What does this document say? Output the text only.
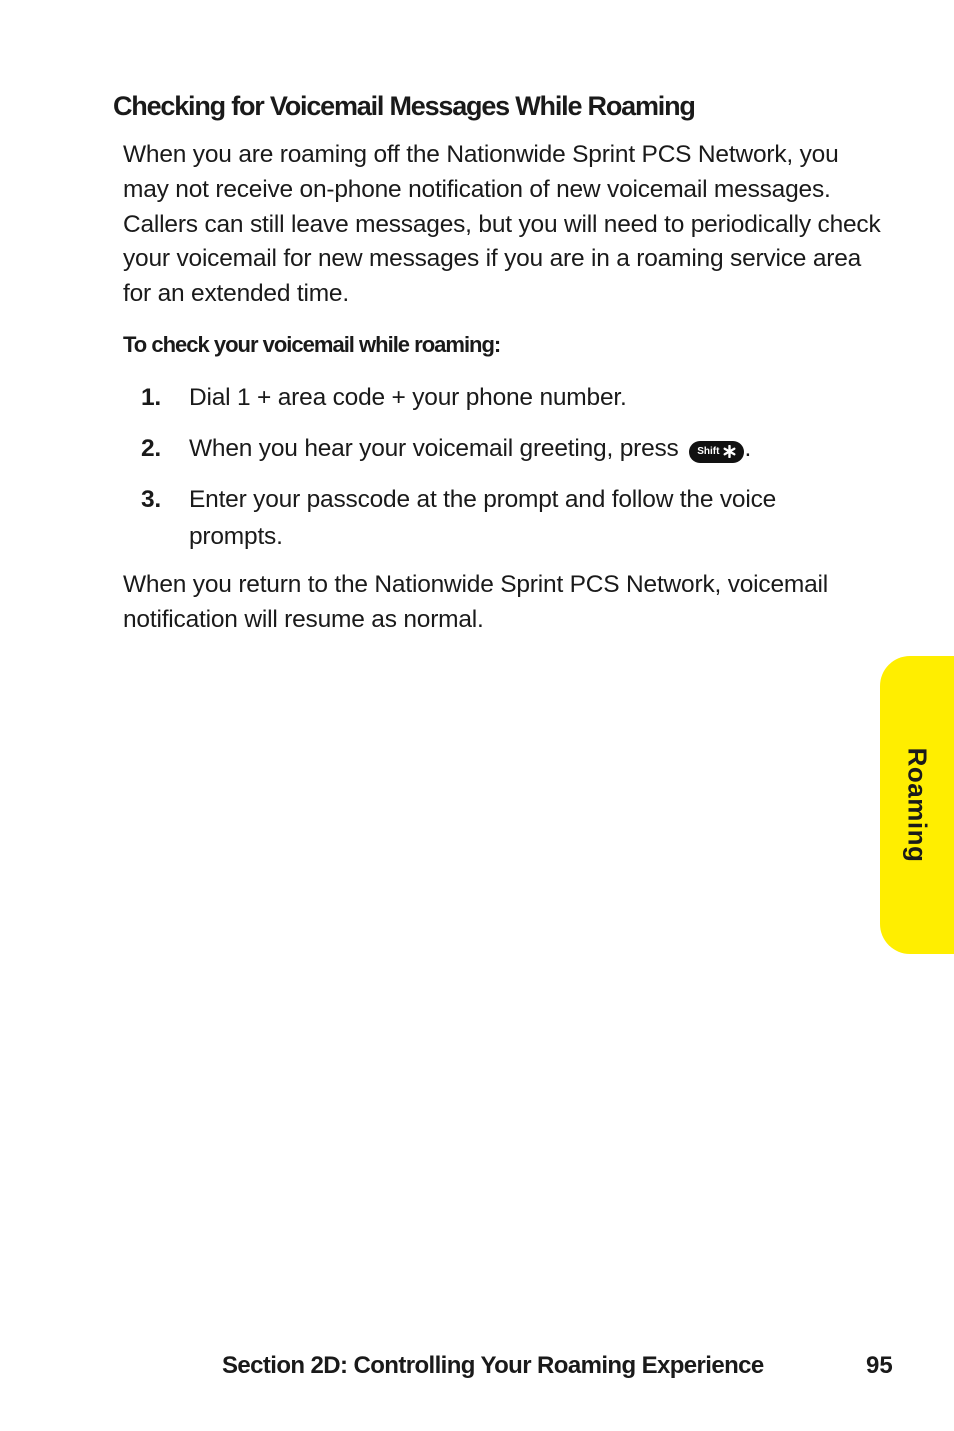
Checking for Voicemail Messages While Roaming
When you are roaming off the Nationwide Sprint PCS Network, you may not receive on-phone notification of new voicemail messages. Callers can still leave messages, but you will need to periodically check your voicemail for new messages if you are in a roaming service area for an extended time.
To check your voicemail while roaming:
1. Dial 1 + area code + your phone number.
2. When you hear your voicemail greeting, press Shift .
3. Enter your passcode at the prompt and follow the voice prompts.
When you return to the Nationwide Sprint PCS Network, voicemail notification will resume as normal.
Roaming
Section 2D: Controlling Your Roaming Experience	95
